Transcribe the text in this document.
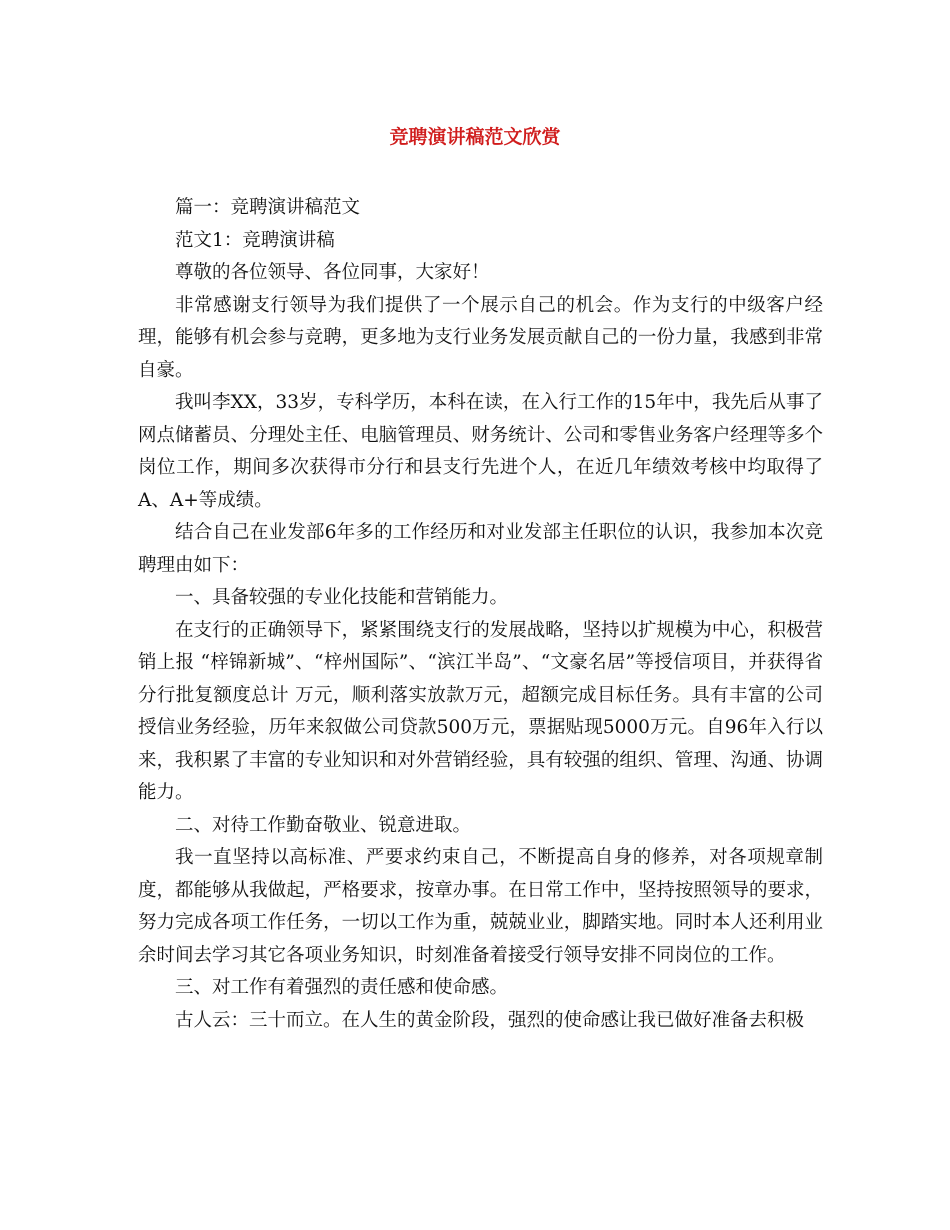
竞聘演讲稿范文欣赏

篇一：竞聘演讲稿范文

范文1：竞聘演讲稿

尊敬的各位领导、各位同事，大家好！

非常感谢支行领导为我们提供了一个展示自己的机会。作为支行的中级客户经理，能够有机会参与竞聘，更多地为支行业务发展贡献自己的一份力量，我感到非常自豪。

我叫李XX，33岁，专科学历，本科在读，在入行工作的15年中，我先后从事了网点储蓄员、分理处主任、电脑管理员、财务统计、公司和零售业务客户经理等多个岗位工作，期间多次获得市分行和县支行先进个人，在近几年绩效考核中均取得了A、A+等成绩。

结合自己在业发部6年多的工作经历和对业发部主任职位的认识，我参加本次竞聘理由如下：

一、具备较强的专业化技能和营销能力。

在支行的正确领导下，紧紧围绕支行的发展战略，坚持以扩规模为中心，积极营销上报 “梓锦新城”、“梓州国际”、“滨江半岛”、“文豪名居”等授信项目，并获得省分行批复额度总计 万元，顺利落实放款万元，超额完成目标任务。具有丰富的公司授信业务经验，历年来叙做公司贷款500万元，票据贴现5000万元。自96年入行以来，我积累了丰富的专业知识和对外营销经验，具有较强的组织、管理、沟通、协调能力。

二、对待工作勤奋敬业、锐意进取。

我一直坚持以高标准、严要求约束自己，不断提高自身的修养，对各项规章制度，都能够从我做起，严格要求，按章办事。在日常工作中，坚持按照领导的要求，努力完成各项工作任务，一切以工作为重，兢兢业业，脚踏实地。同时本人还利用业余时间去学习其它各项业务知识，时刻准备着接受行领导安排不同岗位的工作。

三、对工作有着强烈的责任感和使命感。

古人云：三十而立。在人生的黄金阶段，强烈的使命感让我已做好准备去积极
